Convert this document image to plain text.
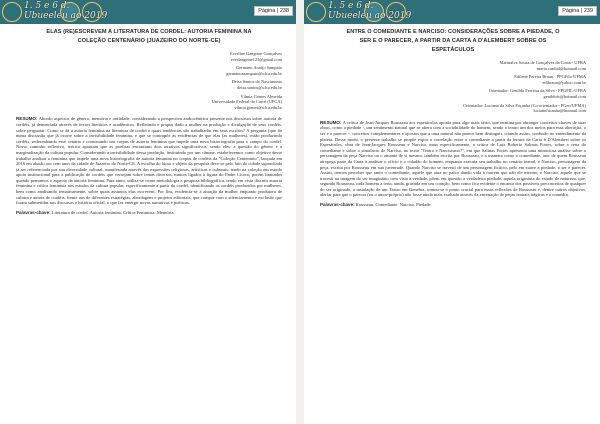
1. 5 e 6 d.
Ubueeleu ao 2019	Página | 238
ELAS (RE)ESCREVEM A LITERATURA DE CORDEL: AUTORIA FEMININA NA
COLEÇÃO CENTENÁRIO (JUAZEIRO DO NORTE-CE)
Everline Gangrine Gonçalves
everlangrine123@gmail.com
Germano Araújo Sampaio
germanoasampaio@ufca.edu.br
Deisa Santos do Nascimento
deisa.santos@ufca.edu.br
Vilmia Gomes Almeida
Universidade Federal do Cariri (UFCA)
vilmia.gomes@ufca.edu.br
RESUMO: Abordo aspectos de gênero, memória e oralidade, considerando a perspectiva androcêntrica presente nos discursos sobre autoria de cordéis, já denunciada através de textos literários e acadêmicos. Refletindo e propus dado a mulher na produção e divulgação de seus cordéis, sobre perguntar: Como se dá a autoria feminina na literatura de cordel e quais tendências são trabalhadas em seus escritos? A pergunta (que lia numa discussão que já ocorre sobre a invisibilidade feminina, e que se contrapõe às evidências de que elas (as mulheres), estão produzindo cordéis, redesenhando esse cenário e construindo um corpus de autoria feminina que impele uma nova historiografia para o campo do cordel. Nosso caminho reflexivo, teórico apontam que as poetisas encontram dois atrativos significativos, sendo eles: a questão do gênero e a marginalização da cultura popular. Considerando a invisibilidade dessa produção, instituindo por um cânone, estabelecemos como objetivo desse trabalho analisar a feminina que impele uma nova historiografia de autoria feminina no corpus de cordéis da "Coleção Centenário", lançada em 2016 em alusão aos cem anos da cidade de Juazeiro do Norte-CE. A escolha do lócus e objeto da pesquisa deve-se pelo fato da cidade supracitada já ser referenciada por sua diversidade cultural, manifestada através das expressões religiosas, artísticas e culturais, tendo na coleção em estudo apoio institucional para a publicação de cordéis que versejam sobre temas diversos, muitos ligados à figura do Padre Cícero, porém limitados quando pensamos o aspecto da autoria feminina. Para tanto, utiliza-se como metodologia a pesquisa bibliográfica, tendo em vista discutir autoria feminina e crítica feminista nos estudos da cultura popular, especificamente a partir do cordel, identificando os cordéis produzidos por mulheres, bem como analisando tematicamente, sobre quais assuntos elas escrevem. Por fim, evidencia-se a atuação da mulher enquanto produtora de cultura e autora de cordéis, frente aos de diferentes estratégias, abordagens e projetos editoriais, que compor com o silenciamento e exclusão que foram submetidas nos discursos e história oficial, o que faz emergir novas narrativas e poéticas.
Palavras-chave: Literatura de cordel. Autoria feminina. Crítica Feminista. Memória.
1. 5 e 6 d.
Ubueeleu ao 2019	Página | 239
ENTRE O COMEDIANTE E NARCISO: CONSIDERAÇÕES SOBRE A PIEDADE, O
SER E O PARECER, A PARTIR DA CARTA A D'ALEMBERT SOBRE OS
ESPETÁCULOS
Marinalva Souza de Gonçalves da Costa - UFBA
maria.cardial@hotmail.com
Edilene Pereira Braun - PPGFilo-UFMA
edibraun@yahoo.com.br
Orientador: Genildo Ferreira da Silva - PPGFIL-UFBA
genildofs@hotmail.com
Orientador: Luciano da Silva Façanha (Co-orientador - PGeo/UFMA)
lucianofacanha@hotmail.com
RESUMO: A crítica de Jean-Jacques Rousseau aos espetáculos aponta para algo mais sério, que termina por abranger conceitos-chaves de suas obras, como a piedade -, um sentimento natural que se altera com a sociabilidade do homem, sendo o teatro um dos meios para essa alteração, o ser e o parecer -, conceitos complementares e opostos que a uma natural não parece bem distinguir, criando assim, confusão no entendimento da plateia. Desse modo, o presente trabalho se propõe expor a correlação entre o comediante a partir da leitura da Carta à D'Alembert sobre os Espetáculos, obra de Jean-Jacques Rousseau e Narciso, mais especificamente, a crítica de Luiz Roberto Salinas Fortes, sobre a cena do comediante e sobre o simulacro de Narciso, no texto "Teatro e Narcisismo?", em que Salinas Fortes apresenta uma minuciosa análise sobre o personagem da peça Narciso ou o amante de si mesmo, também escrita por Rousseau, e a maneira como o comediante, ator de quem Rousseau atropega parte da Carta à analisar o ofício e o cidadão do homem, enquanto executa seu trabalho no cenário teatral, e Narciso, personagem da peça, escrita por Rousseau em sua juventude. Quando Narciso se travesti de um personagem fictício, pelo em suave a piedade, o ser e parecer. Assim, iremos perceber que tanto o comediante, aquele que atua no palco dando vida à outrem que não ele mesmo, e Narciso, aquele que se travesti na imagem do ser imaginário com vista à verdade, põem em questão a verdadeira piedade, aquela originária do estado de natureza, que, segundo Rousseau, cada homem a teria, ainda, gravada em seu coração, bem como fica evidente o encanto dos possíveis preconceitos de qualquer do ser originado, a instalação de um Teatro em Genebra, tomou-se o ponto crucial para essas reflexões de Rousseau e, dentre outros objetivos, alertar para que o parecer (ou o amor-próprio) não fosse ainda mais exaltado através da encenação de peças teatrais trágicas e a comédia.
Palavras-chave: Rousseau. Comediante. Narciso. Piedade.
